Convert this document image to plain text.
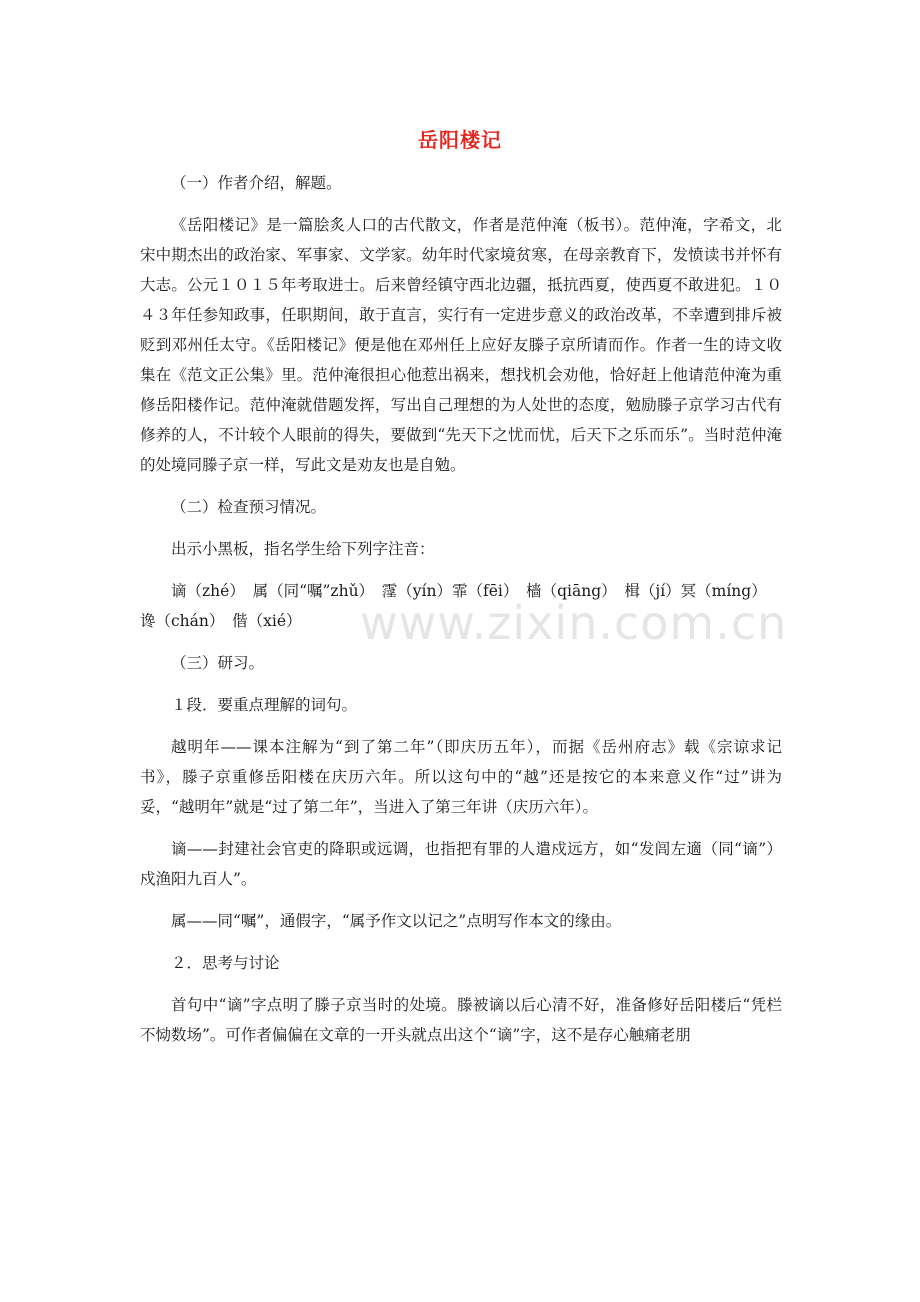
www.zixin.com.cn
岳阳楼记

（一）作者介绍，解题。

《岳阳楼记》是一篇脍炙人口的古代散文，作者是范仲淹（板书）。范仲淹，字希文，北宋中期杰出的政治家、军事家、文学家。幼年时代家境贫寒，在母亲教育下，发愤读书并怀有大志。公元１０１５年考取进士。后来曾经镇守西北边疆，抵抗西夏，使西夏不敢进犯。１０４３年任参知政事，任职期间，敢于直言，实行有一定进步意义的政治改革，不幸遭到排斥被贬到邓州任太守。《岳阳楼记》便是他在邓州任上应好友滕子京所请而作。作者一生的诗文收集在《范文正公集》里。范仲淹很担心他惹出祸来，想找机会劝他，恰好赶上他请范仲淹为重修岳阳楼作记。范仲淹就借题发挥，写出自己理想的为人处世的态度，勉励滕子京学习古代有修养的人，不计较个人眼前的得失，要做到“先天下之忧而忧，后天下之乐而乐”。当时范仲淹的处境同滕子京一样，写此文是劝友也是自勉。

（二）检查预习情况。

出示小黑板，指名学生给下列字注音：

谪（zhé）　属（同“嘱”zhǔ）　霪（yín）霏（fēi）　樯（qiāng）　楫（jí）冥（míng）　谗（chán）　偕（xié）

（三）研习。

１段．要重点理解的词句。

越明年——课本注解为“到了第二年”（即庆历五年），而据《岳州府志》载《宗谅求记书》，滕子京重修岳阳楼在庆历六年。所以这句中的“越”还是按它的本来意义作“过”讲为妥，“越明年”就是“过了第二年”，当进入了第三年讲（庆历六年）。

谪——封建社会官吏的降职或远调，也指把有罪的人遣戍远方，如“发闾左適（同“谪”）戍渔阳九百人”。

属——同“嘱”，通假字，“属予作文以记之”点明写作本文的缘由。

２．思考与讨论

首句中“谪”字点明了滕子京当时的处境。滕被谪以后心清不好，准备修好岳阳楼后“凭栏不恸数场”。可作者偏偏在文章的一开头就点出这个“谪”字，这不是存心触痛老朋
